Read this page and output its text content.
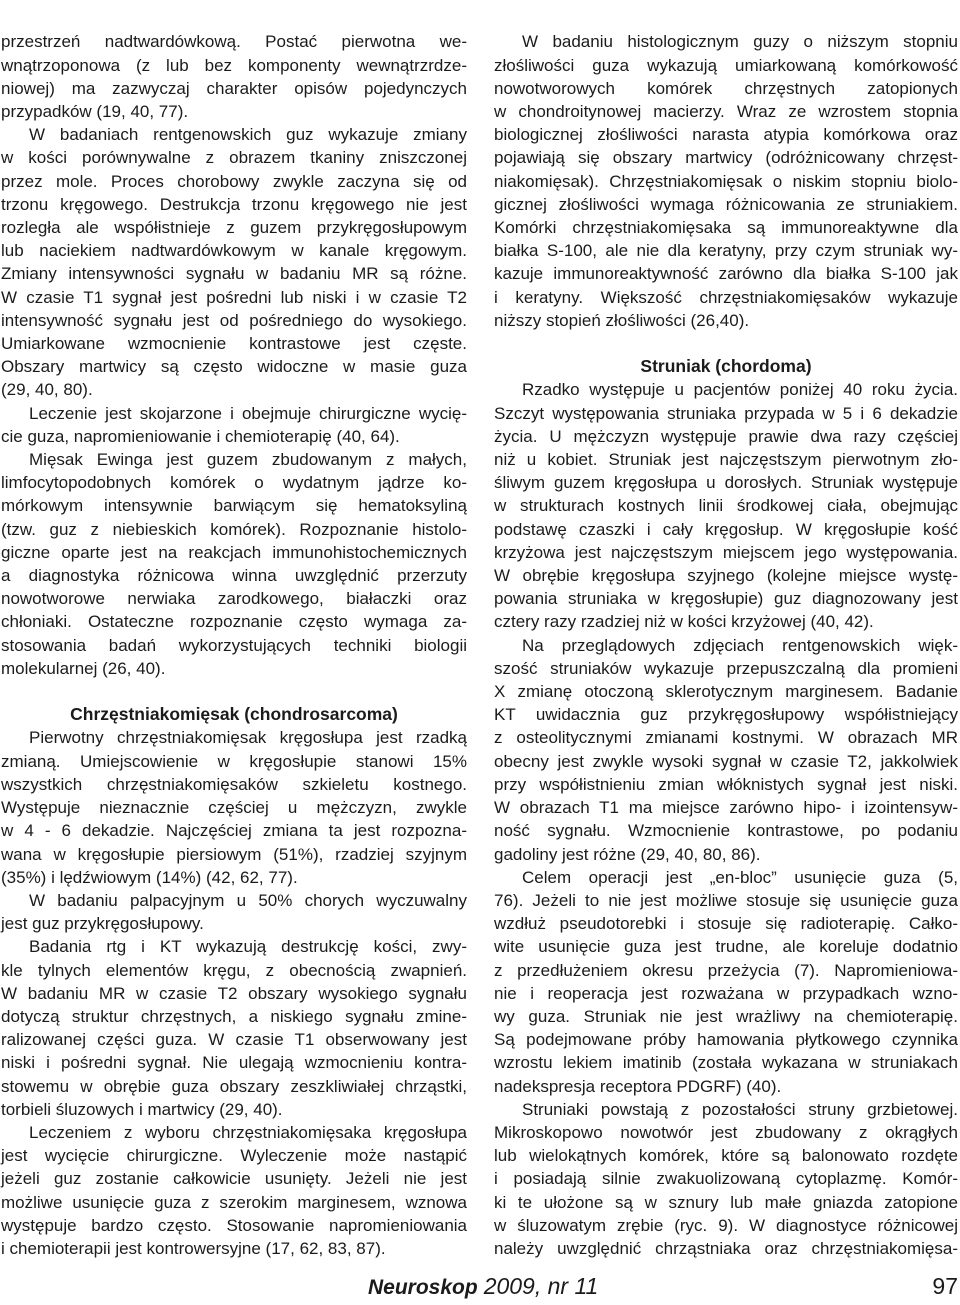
przestrzeń nadtwardówkową. Postać pierwotna we-
wnątrzoponowa (z lub bez komponenty wewnątrzrdze-
niowej) ma zazwyczaj charakter opisów pojedynczych
przypadków (19, 40, 77).
W badaniach rentgenowskich guz wykazuje zmiany
w kości porównywalne z obrazem tkaniny zniszczonej
przez mole. Proces chorobowy zwykle zaczyna się od
trzonu kręgowego. Destrukcja trzonu kręgowego nie jest
rozległa ale współistnieje z guzem przykręgosłupowym
lub naciekiem nadtwardówkowym w kanale kręgowym.
Zmiany intensywności sygnału w badaniu MR są różne.
W czasie T1 sygnał jest pośredni lub niski i w czasie T2
intensywność sygnału jest od pośredniego do wysokiego.
Umiarkowane wzmocnienie kontrastowe jest częste.
Obszary martwicy są często widoczne w masie guza
(29, 40, 80).
Leczenie jest skojarzone i obejmuje chirurgiczne wycię-
cie guza, napromieniowanie i chemioterapię (40, 64).
Mięsak Ewinga jest guzem zbudowanym z małych,
limfocytopodobnych komórek o wydatnym jądrze ko-
mórkowym intensywnie barwiącym się hematoksyliną
(tzw. guz z niebieskich komórek). Rozpoznanie histolo-
giczne oparte jest na reakcjach immunohistochemicznych
a diagnostyka różnicowa winna uwzględnić przerzuty
nowotworowe nerwiaka zarodkowego, białaczki oraz
chłoniaki. Ostateczne rozpoznanie często wymaga za-
stosowania badań wykorzystujących techniki biologii
molekularnej (26, 40).
Chrzęstniakomięsak (chondrosarcoma)
Pierwotny chrzęstniakomięsak kręgosłupa jest rzadką
zmianą. Umiejscowienie w kręgosłupie stanowi 15%
wszystkich chrzęstniakomięsaków szkieletu kostnego.
Występuje nieznacznie częściej u mężczyzn, zwykle
w 4 - 6 dekadzie. Najczęściej zmiana ta jest rozpozna-
wana w kręgosłupie piersiowym (51%), rzadziej szyjnym
(35%) i lędźwiowym (14%) (42, 62, 77).
W badaniu palpacyjnym u 50% chorych wyczuwalny
jest guz przykręgosłupowy.
Badania rtg i KT wykazują destrukcję kości, zwy-
kle tylnych elementów kręgu, z obecnością zwapnień.
W badaniu MR w czasie T2 obszary wysokiego sygnału
dotyczą struktur chrzęstnych, a niskiego sygnału zmine-
ralizowanej części guza. W czasie T1 obserwowany jest
niski i pośredni sygnał. Nie ulegają wzmocnieniu kontra-
stowemu w obrębie guza obszary zeszkliwiałej chrząstki,
torbieli śluzowych i martwicy (29, 40).
Leczeniem z wyboru chrzęstniakomięsaka kręgosłupa
jest wycięcie chirurgiczne. Wyleczenie może nastąpić
jeżeli guz zostanie całkowicie usunięty. Jeżeli nie jest
możliwe usunięcie guza z szerokim marginesem, wznowa
występuje bardzo często. Stosowanie napromieniowania
i chemioterapii jest kontrowersyjne (17, 62, 83, 87).
W badaniu histologicznym guzy o niższym stopniu
złośliwości guza wykazują umiarkowaną komórkowość
nowotworowych komórek chrzęstnych zatopionych
w chondroitynowej macierzy. Wraz ze wzrostem stopnia
biologicznej złośliwości narasta atypia komórkowa oraz
pojawiają się obszary martwicy (odróżnicowany chrzęst-
niakomięsak). Chrzęstniakomięsak o niskim stopniu biolo-
gicznej złośliwości wymaga różnicowania ze struniakiem.
Komórki chrzęstniakomięsaka są immunoreaktywne dla
białka S-100, ale nie dla keratyny, przy czym struniak wy-
kazuje immunoreaktywność zarówno dla białka S-100 jak
i keratyny. Większość chrzęstniakomięsaków wykazuje
niższy stopień złośliwości (26,40).
Struniak (chordoma)
Rzadko występuje u pacjentów poniżej 40 roku życia.
Szczyt występowania struniaka przypada w 5 i 6 dekadzie
życia. U mężczyzn występuje prawie dwa razy częściej
niż u kobiet. Struniak jest najczęstszym pierwotnym zło-
śliwym guzem kręgosłupa u dorosłych. Struniak występuje
w strukturach kostnych linii środkowej ciała, obejmując
podstawę czaszki i cały kręgosłup. W kręgosłupie kość
krzyżowa jest najczęstszym miejscem jego występowania.
W obrębie kręgosłupa szyjnego (kolejne miejsce wystę-
powania struniaka w kręgosłupie) guz diagnozowany jest
cztery razy rzadziej niż w kości krzyżowej (40, 42).
Na przeglądowych zdjęciach rentgenowskich więk-
szość struniaków wykazuje przepuszczalną dla promieni
X zmianę otoczoną sklerotycznym marginesem. Badanie
KT uwidacznia guz przykręgosłupowy współistniejący
z osteolitycznymi zmianami kostnymi. W obrazach MR
obecny jest zwykle wysoki sygnał w czasie T2, jakkolwiek
przy współistnieniu zmian włóknistych sygnał jest niski.
W obrazach T1 ma miejsce zarówno hipo- i izointensyw-
ność sygnału. Wzmocnienie kontrastowe, po podaniu
gadoliny jest różne (29, 40, 80, 86).
Celem operacji jest „en-bloc” usunięcie guza (5,
76). Jeżeli to nie jest możliwe stosuje się usunięcie guza
wzdłuż pseudotorebki i stosuje się radioterapię. Całko-
wite usunięcie guza jest trudne, ale koreluje dodatnio
z przedłużeniem okresu przeżycia (7). Napromieniowa-
nie i reoperacja jest rozważana w przypadkach wzno-
wy guza. Struniak nie jest wrażliwy na chemioterapię.
Są podejmowane próby hamowania płytkowego czynnika
wzrostu lekiem imatinib (została wykazana w struniakach
nadekspresja receptora PDGRF) (40).
Struniaki powstają z pozostałości struny grzbietowej.
Mikroskopowo nowotwór jest zbudowany z okrągłych
lub wielokątnych komórek, które są balonowato rozdęte
i posiadają silnie zwakuolizowaną cytoplazmę. Komór-
ki te ułożone są w sznury lub małe gniazda zatopione
w śluzowatym zrębie (ryc. 9). W diagnostyce różnicowej
należy uwzględnić chrząstniaka oraz chrzęstniakomięsa-
Neuroskop 2009, nr 11	97
